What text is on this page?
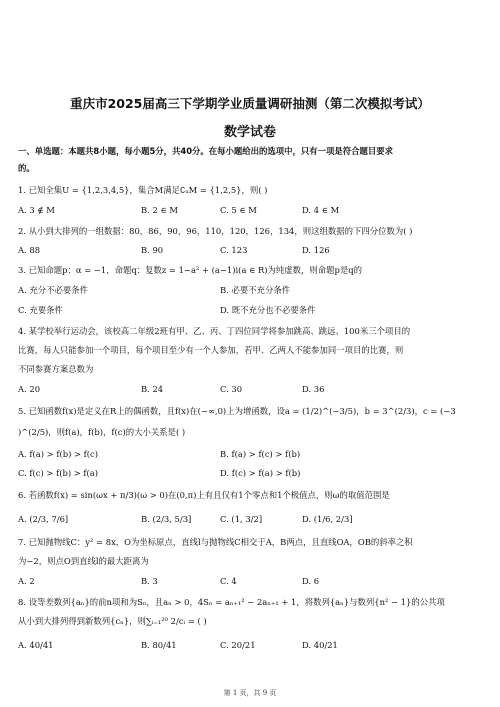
重庆市2025届高三下学期学业质量调研抽测（第二次模拟考试）
数学试卷
一、单选题：本题共8小题，每小题5分，共40分。在每小题给出的选项中，只有一项是符合题目要求
的。
1. 已知全集U = {1,2,3,4,5}，集合M满足∁ᵤM = {1,2,5}，则( )
A. 3 ∉ M	B. 2 ∈ M	C. 5 ∈ M	D. 4 ∈ M
2. 从小到大排列的一组数据：80，86，90，96，110，120，126，134，则这组数据的下四分位数为( )
A. 88	B. 90	C. 123	D. 126
3. 已知命题p：α = −1，命题q：复数z = 1−a² + (a−1)i(a ∈ R)为纯虚数，则命题p是q的
A. 充分不必要条件	B. 必要不充分条件
C. 充要条件	D. 既不充分也不必要条件
4. 某学校举行运动会，该校高二年级2班有甲、乙、丙、丁四位同学将参加跳高、跳远、100米三个项目的
比赛，每人只能参加一个项目，每个项目至少有一个人参加，若甲、乙两人不能参加同一项目的比赛，则
不同参赛方案总数为
A. 20	B. 24	C. 30	D. 36
5. 已知函数f(x)是定义在R上的偶函数，且f(x)在(−∞,0)上为增函数，设a = (1/2)^(−3/5)，b = 3^(2/3)，c = (−3
)^(2/5)，则f(a)，f(b)，f(c)的大小关系是( )
A. f(a) > f(b) > f(c)	B. f(a) > f(c) > f(b)
C. f(c) > f(b) > f(a)	D. f(c) > f(a) > f(b)
6. 若函数f(x) = sin(ωx + π/3)(ω > 0)在(0,π)上有且仅有1个零点和1个极值点，则ω的取值范围是
A. (2/3, 7/6]	B. (2/3, 5/3]	C. (1, 3/2]	D. (1/6, 2/3]
7. 已知抛物线C：y² = 8x，O为坐标原点，直线l与抛物线C相交于A，B两点，且直线OA，OB的斜率之积
为−2，则点O到直线l的最大距离为
A. 2	B. 3	C. 4	D. 6
8. 设等差数列{aₙ}的前n项和为Sₙ，且aₙ > 0，4Sₙ = aₙ₊₁² − 2aₙ₊₁ + 1，将数列{aₙ}与数列{n² − 1}的公共项
从小到大排列得到新数列{cₙ}，则∑ᵢ₌₁²⁰ 2/cᵢ = ( )
A. 40/41	B. 80/41	C. 20/21	D. 40/21
第 1 页，共 9 页
